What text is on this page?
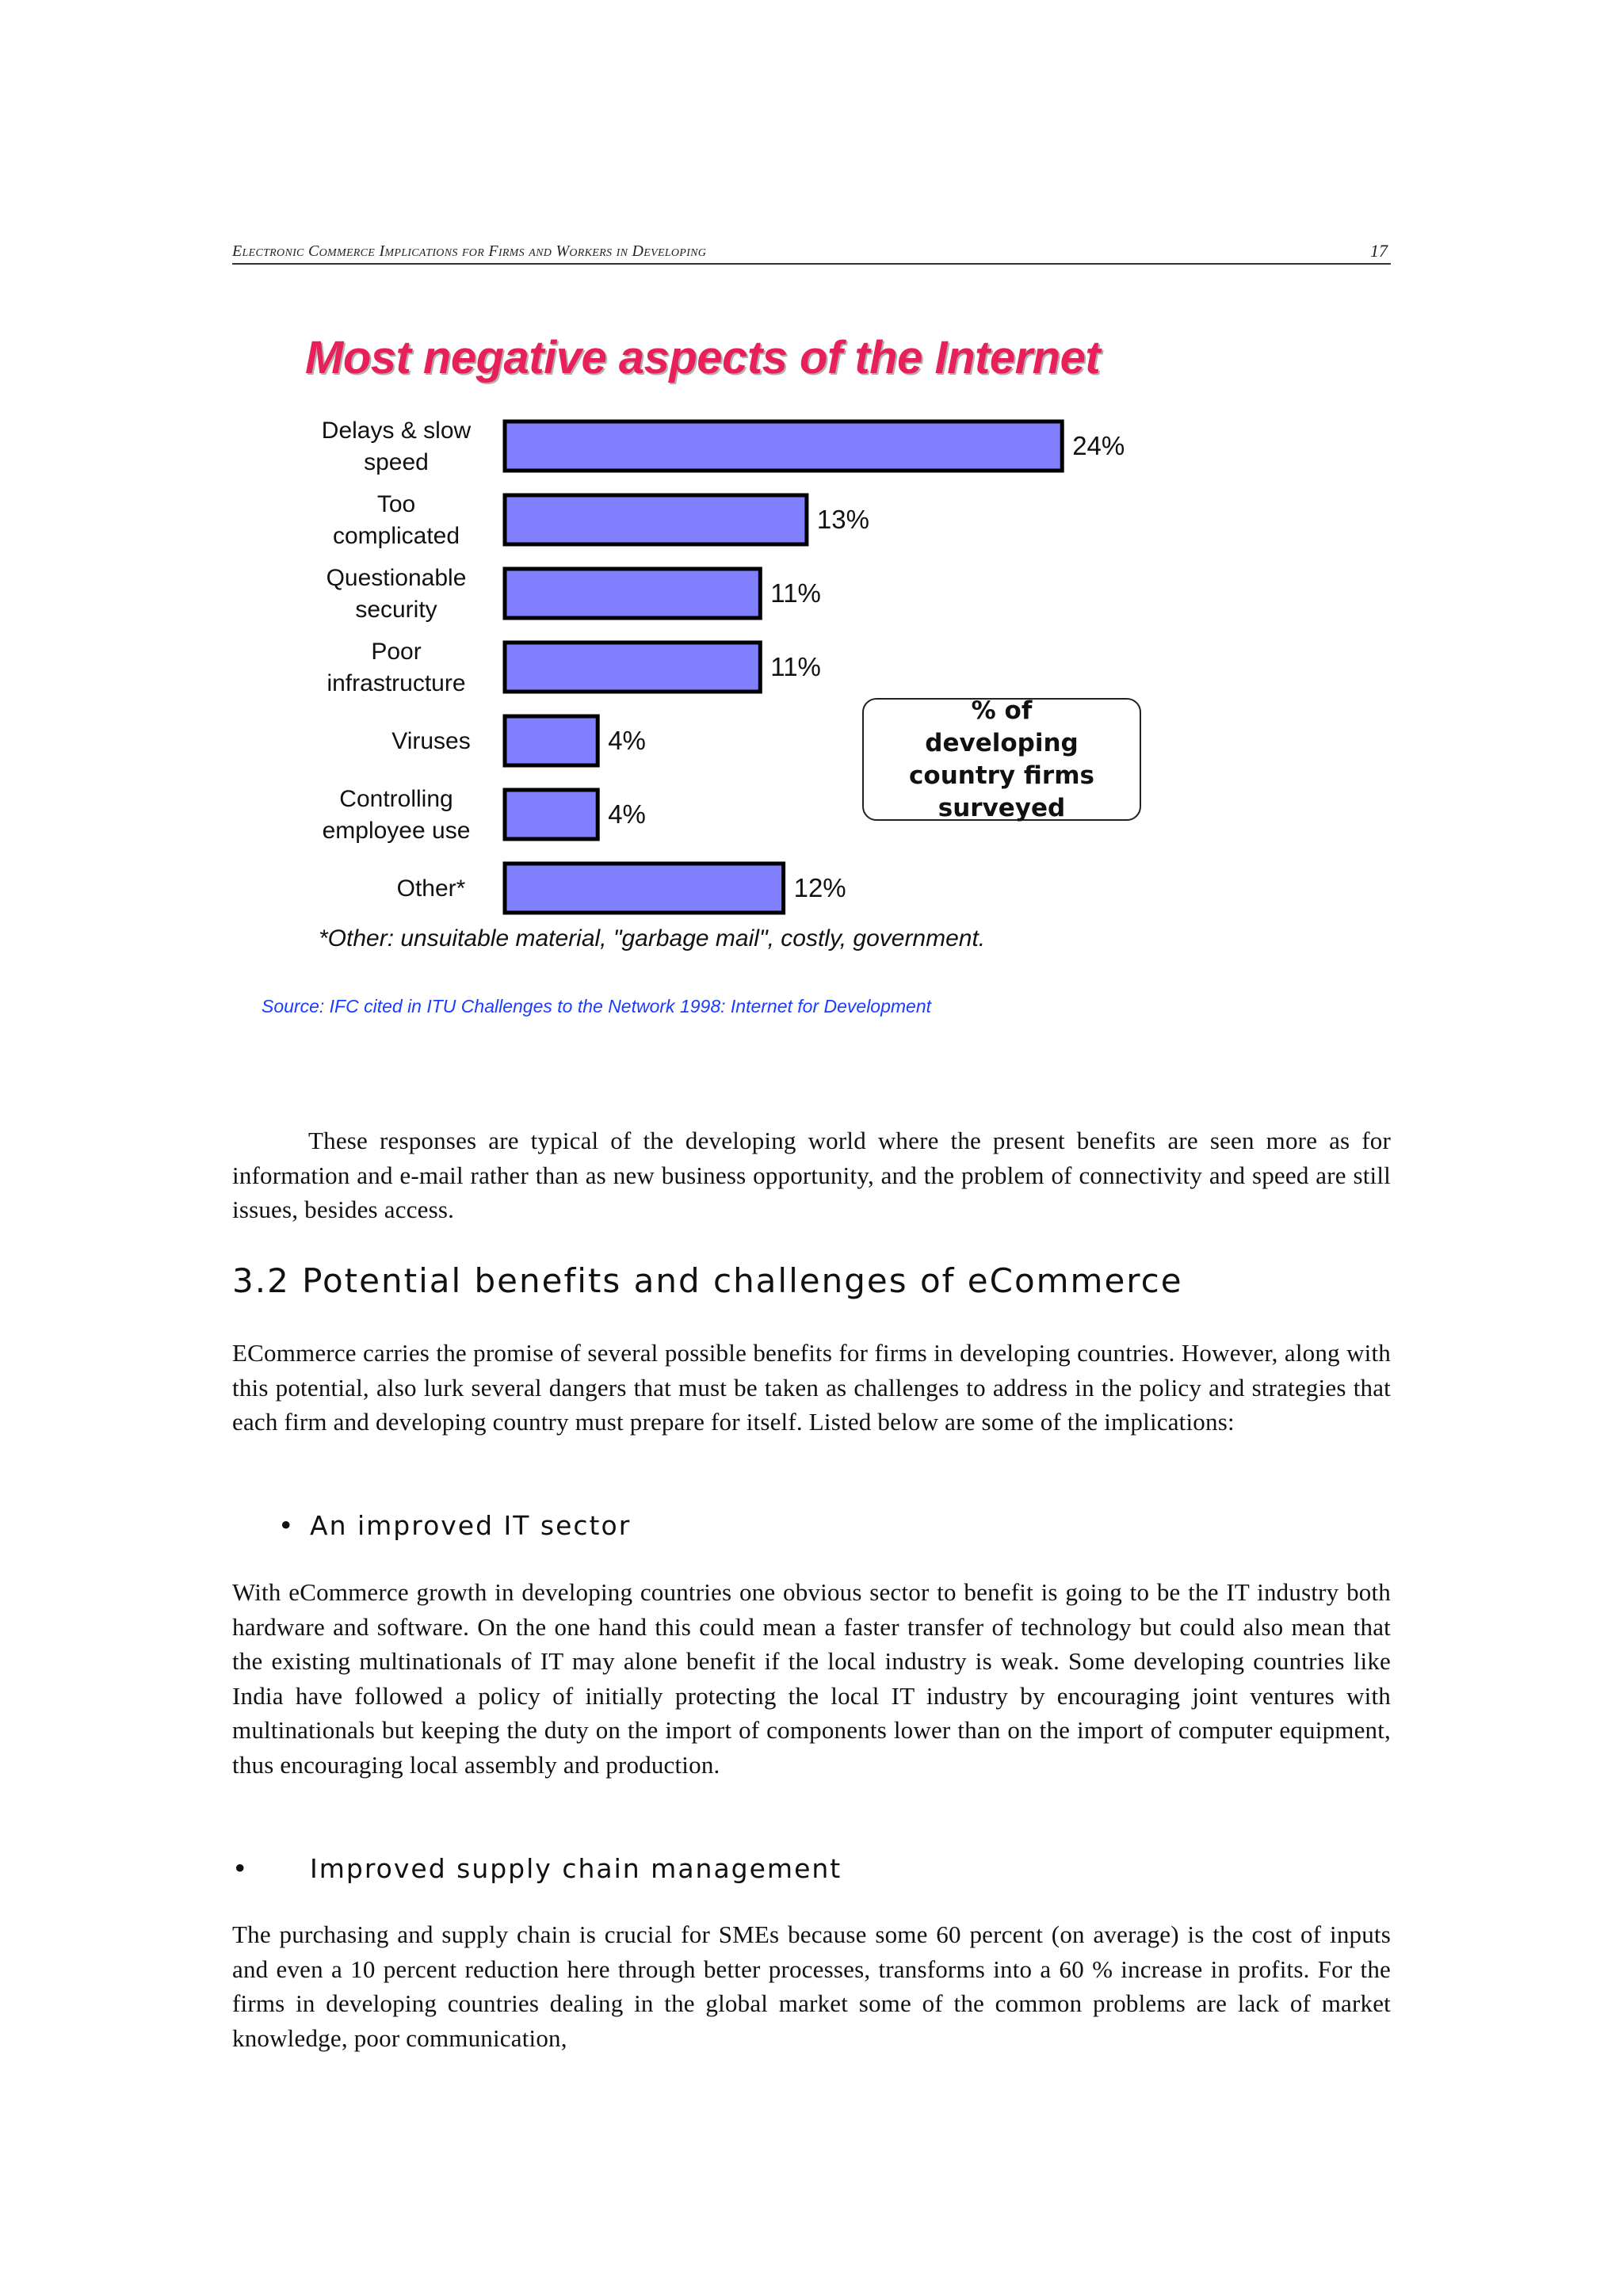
Electronic Commerce Implications for Firms and Workers in Developing	17
Most negative aspects of the Internet
24%
Delays & slow speed
13%
Too complicated
11%
Questionable security
11%
Poor infrastructure
4%
Viruses
4%
Controlling employee use
12%
Other*
% of developing country firms surveyed
*Other: unsuitable material, "garbage mail", costly, government.
Source: IFC cited in ITU Challenges to the Network 1998: Internet for Development

These responses are typical of the developing world where the present benefits are seen more as for information and e-mail rather than as new business opportunity, and the problem of connectivity and speed are still issues, besides access.

3.2 Potential benefits and challenges of eCommerce

ECommerce carries the promise of several possible benefits for firms in developing countries. However, along with this potential, also lurk several dangers that must be taken as challenges to address in the policy and strategies that each firm and developing country must prepare for itself. Listed below are some of the implications:

• An improved IT sector

With eCommerce growth in developing countries one obvious sector to benefit is going to be the IT industry both hardware and software. On the one hand this could mean a faster transfer of technology but could also mean that the existing multinationals of IT may alone benefit if the local industry is weak. Some developing countries like India have followed a policy of initially protecting the local IT industry by encouraging joint ventures with multinationals but keeping the duty on the import of components lower than on the import of computer equipment, thus encouraging local assembly and production.

• Improved supply chain management

The purchasing and supply chain is crucial for SMEs because some 60 percent (on average) is the cost of inputs and even a 10 percent reduction here through better processes, transforms into a 60 % increase in profits. For the firms in developing countries dealing in the global market some of the common problems are lack of market knowledge, poor communication,
